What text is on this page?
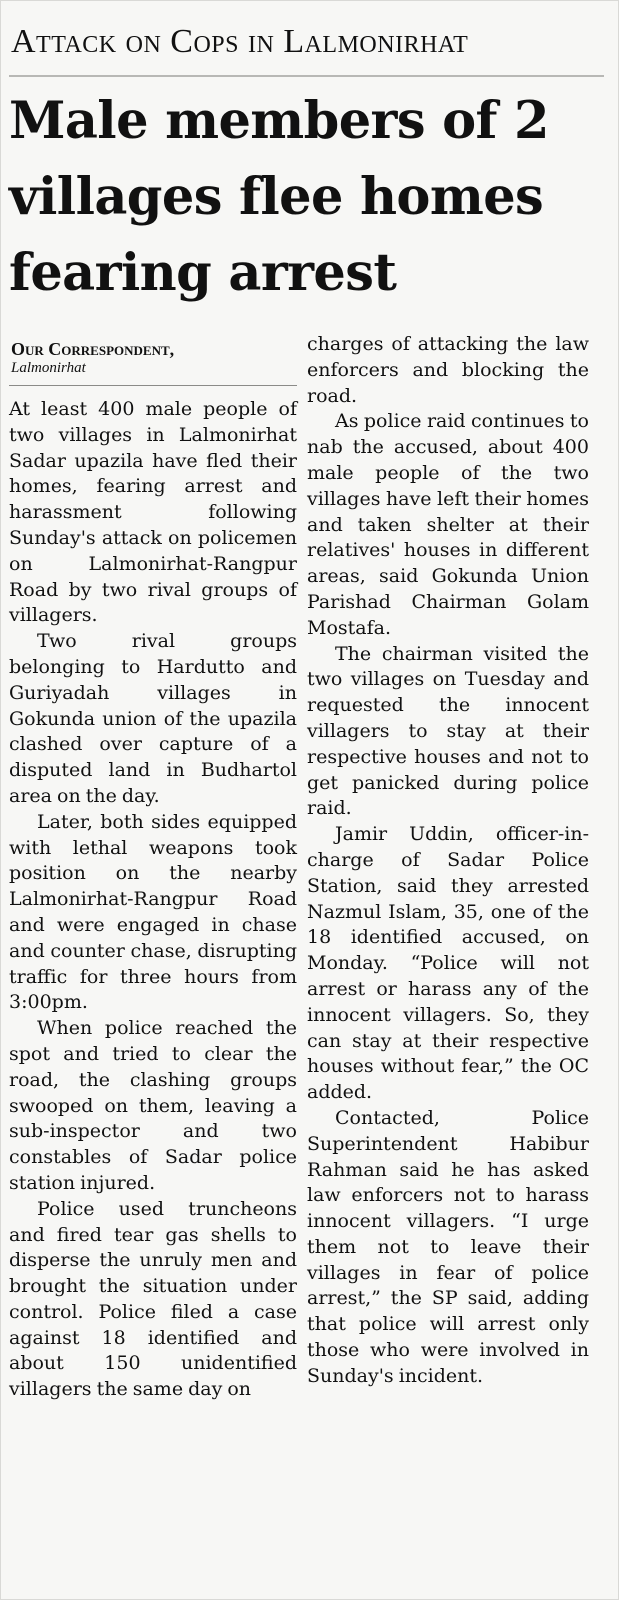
Attack on Cops in Lalmonirhat
Male members of 2 villages flee homes fearing arrest
Our Correspondent,
Lalmonirhat

At least 400 male people of two villages in Lalmonirhat Sadar upazila have fled their homes, fearing arrest and harassment following Sunday's attack on policemen on Lalmonirhat-Rangpur Road by two rival groups of villagers.

Two rival groups belonging to Hardutto and Guriyadah villages in Gokunda union of the upazila clashed over capture of a disputed land in Budhartol area on the day.

Later, both sides equipped with lethal weapons took position on the nearby Lalmonirhat-Rangpur Road and were engaged in chase and counter chase, disrupting traffic for three hours from 3:00pm.

When police reached the spot and tried to clear the road, the clashing groups swooped on them, leaving a sub-inspector and two constables of Sadar police station injured.

Police used truncheons and fired tear gas shells to disperse the unruly men and brought the situation under control. Police filed a case against 18 identified and about 150 unidentified villagers the same day on

charges of attacking the law enforcers and blocking the road.

As police raid continues to nab the accused, about 400 male people of the two villages have left their homes and taken shelter at their relatives' houses in different areas, said Gokunda Union Parishad Chairman Golam Mostafa.

The chairman visited the two villages on Tuesday and requested the innocent villagers to stay at their respective houses and not to get panicked during police raid.

Jamir Uddin, officer-in-charge of Sadar Police Station, said they arrested Nazmul Islam, 35, one of the 18 identified accused, on Monday. “Police will not arrest or harass any of the innocent villagers. So, they can stay at their respective houses without fear,” the OC added.

Contacted, Police Superintendent Habibur Rahman said he has asked law enforcers not to harass innocent villagers. “I urge them not to leave their villages in fear of police arrest,” the SP said, adding that police will arrest only those who were involved in Sunday's incident.
